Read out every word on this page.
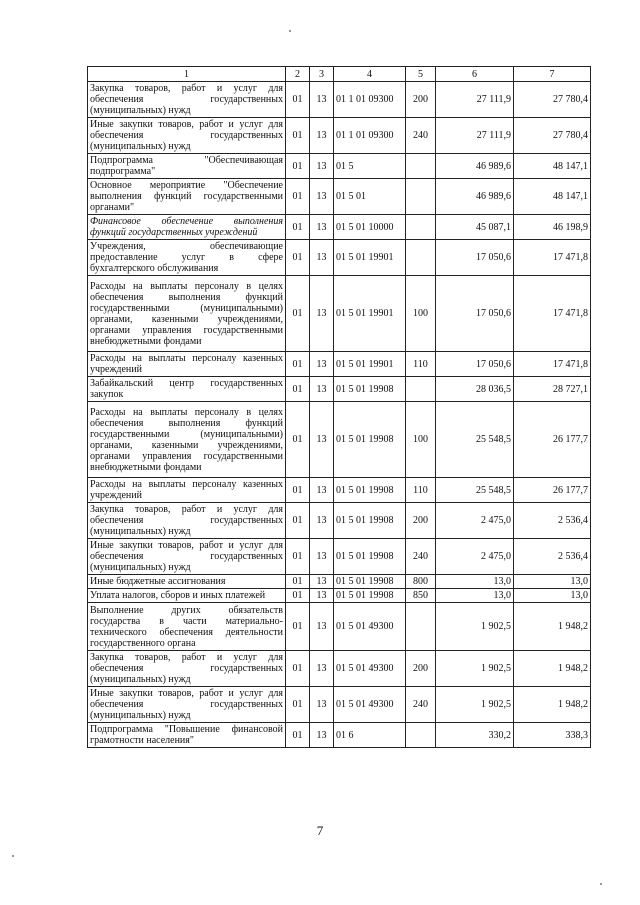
1	2	3	4	5	6	7
Закупка товаров, работ и услуг для обеспечения государственных (муниципальных) нужд	01	13	01 1 01 09300	200	27 111,9	27 780,4
Иные закупки товаров, работ и услуг для обеспечения государственных (муниципальных) нужд	01	13	01 1 01 09300	240	27 111,9	27 780,4
Подпрограмма "Обеспечивающая подпрограмма"	01	13	01 5		46 989,6	48 147,1
Основное мероприятие "Обеспечение выполнения функций государственными органами"	01	13	01 5 01		46 989,6	48 147,1
Финансовое обеспечение выполнения функций государственных учреждений	01	13	01 5 01 10000		45 087,1	46 198,9
Учреждения, обеспечивающие предоставление услуг в сфере бухгалтерского обслуживания	01	13	01 5 01 19901		17 050,6	17 471,8
Расходы на выплаты персоналу в целях обеспечения выполнения функций государственными (муниципальными) органами, казенными учреждениями, органами управления государственными внебюджетными фондами	01	13	01 5 01 19901	100	17 050,6	17 471,8
Расходы на выплаты персоналу казенных учреждений	01	13	01 5 01 19901	110	17 050,6	17 471,8
Забайкальский центр государственных закупок	01	13	01 5 01 19908		28 036,5	28 727,1
Расходы на выплаты персоналу в целях обеспечения выполнения функций государственными (муниципальными) органами, казенными учреждениями, органами управления государственными внебюджетными фондами	01	13	01 5 01 19908	100	25 548,5	26 177,7
Расходы на выплаты персоналу казенных учреждений	01	13	01 5 01 19908	110	25 548,5	26 177,7
Закупка товаров, работ и услуг для обеспечения государственных (муниципальных) нужд	01	13	01 5 01 19908	200	2 475,0	2 536,4
Иные закупки товаров, работ и услуг для обеспечения государственных (муниципальных) нужд	01	13	01 5 01 19908	240	2 475,0	2 536,4
Иные бюджетные ассигнования	01	13	01 5 01 19908	800	13,0	13,0
Уплата налогов, сборов и иных платежей	01	13	01 5 01 19908	850	13,0	13,0
Выполнение других обязательств государства в части материально-технического обеспечения деятельности государственного органа	01	13	01 5 01 49300		1 902,5	1 948,2
Закупка товаров, работ и услуг для обеспечения государственных (муниципальных) нужд	01	13	01 5 01 49300	200	1 902,5	1 948,2
Иные закупки товаров, работ и услуг для обеспечения государственных (муниципальных) нужд	01	13	01 5 01 49300	240	1 902,5	1 948,2
Подпрограмма "Повышение финансовой грамотности населения"	01	13	01 6		330,2	338,3
7
